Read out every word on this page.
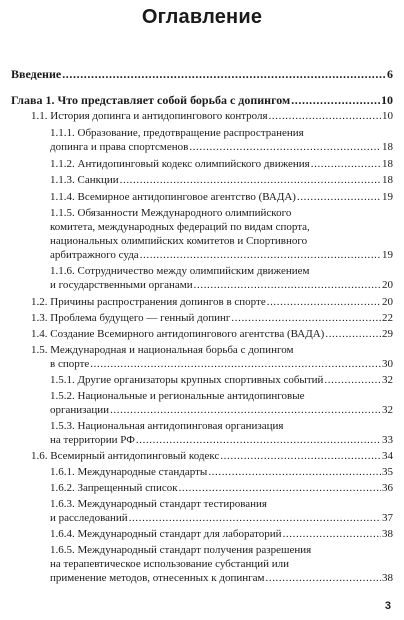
Оглавление
Введение .....	6
Глава 1. Что представляет собой борьба с допингом .....	10
1.1. История допинга и антидопингового контроля .....	10
1.1.1. Образование, предотвращение распространения
допинга и права спортсменов .....	18
1.1.2. Антидопинговый кодекс олимпийского движения .....	18
1.1.3. Санкции .....	18
1.1.4. Всемирное антидопинговое агентство (ВАДА) .....	19
1.1.5. Обязанности Международного олимпийского
комитета, международных федераций по видам спорта,
национальных олимпийских комитетов и Спортивного
арбитражного суда .....	19
1.1.6. Сотрудничество между олимпийским движением
и государственными органами .....	20
1.2. Причины распространения допингов в спорте .....	20
1.3. Проблема будущего — генный допинг .....	22
1.4. Создание Всемирного антидопингового агентства (ВАДА) .....	29
1.5. Международная и национальная борьба с допингом
в спорте .....	30
1.5.1. Другие организаторы крупных спортивных событий .....	32
1.5.2. Национальные и региональные антидопинговые
организации .....	32
1.5.3. Национальная антидопинговая организация
на территории РФ .....	33
1.6. Всемирный антидопинговый кодекс .....	34
1.6.1. Международные стандарты .....	35
1.6.2. Запрещенный список .....	36
1.6.3. Международный стандарт тестирования
и расследований .....	37
1.6.4. Международный стандарт для лабораторий .....	38
1.6.5. Международный стандарт получения разрешения
на терапевтическое использование субстанций или
применение методов, отнесенных к допингам .....	38
3
